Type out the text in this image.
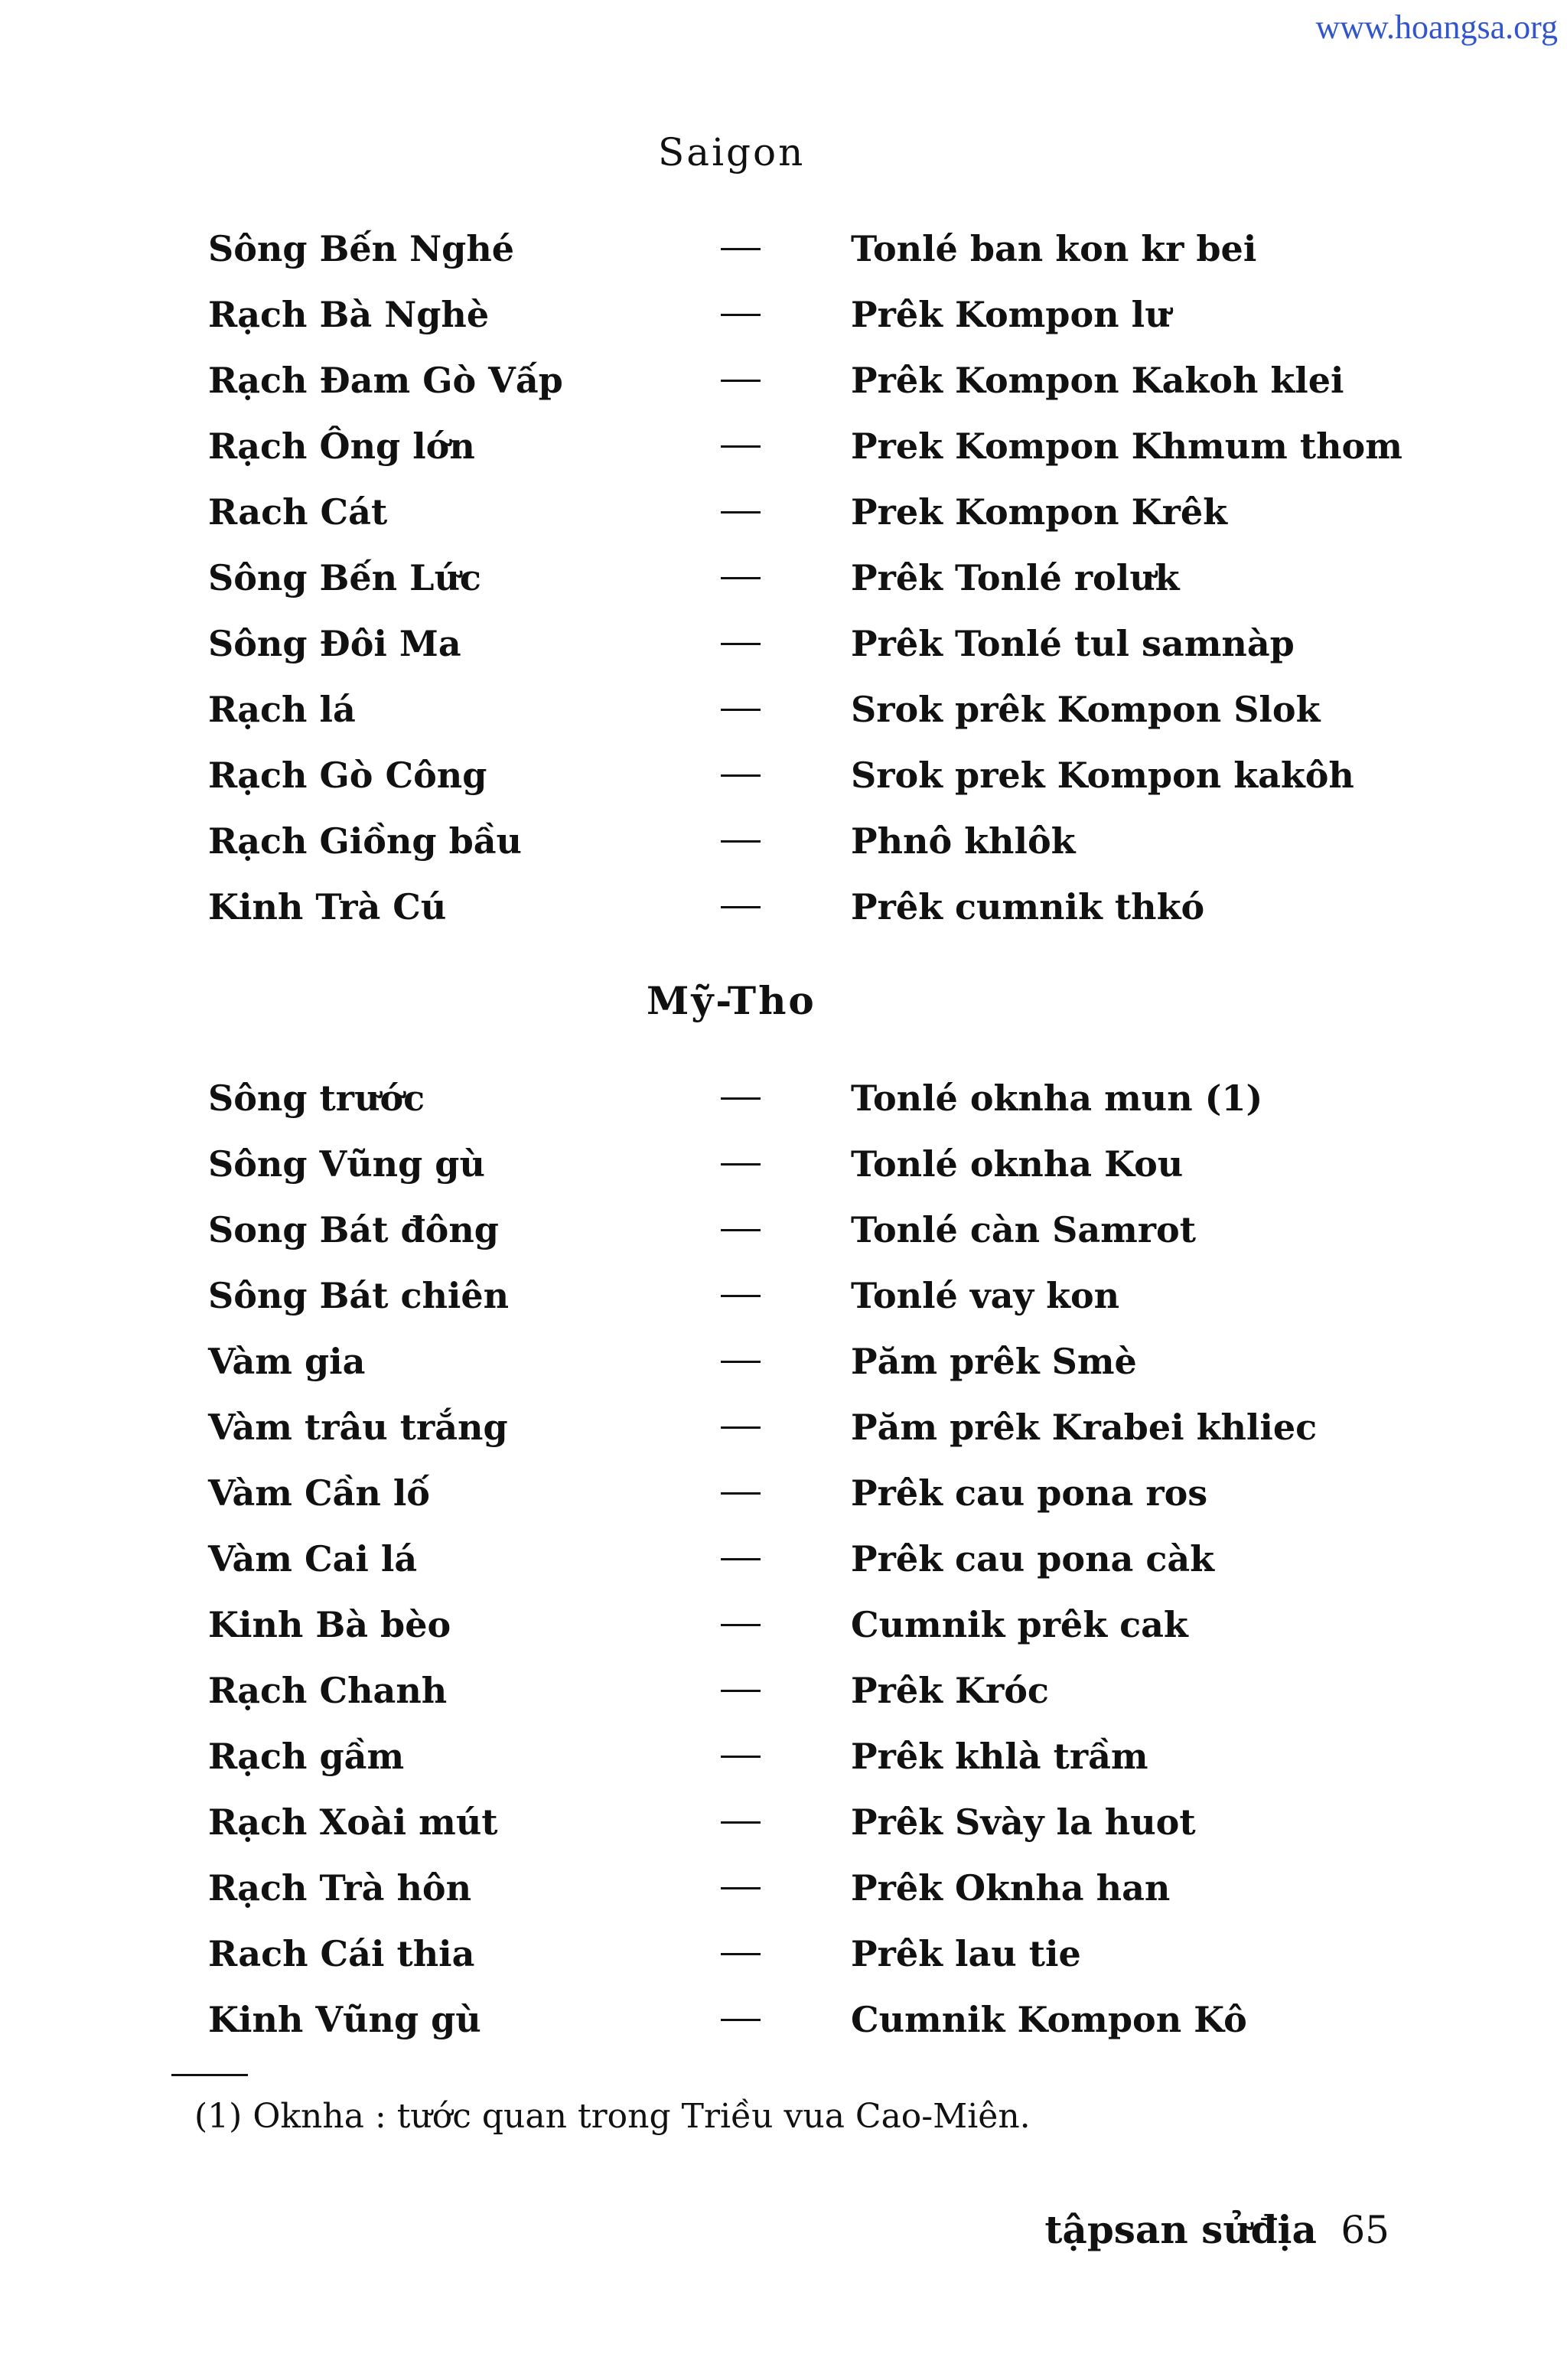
www.hoangsa.org
Saigon
Sông Bến Nghé	Tonlé ban kon kr bei
Rạch Bà Nghè	Prêk Kompon lư
Rạch Đam Gò Vấp	Prêk Kompon Kakoh klei
Rạch Ông lớn	Prek Kompon Khmum thom
Rach Cát	Prek Kompon Krêk
Sông Bến Lức	Prêk Tonlé rolưk
Sông Đôi Ma	Prêk Tonlé tul samnàp
Rạch lá	Srok prêk Kompon Slok
Rạch Gò Công	Srok prek Kompon kakôh
Rạch Giồng bầu	Phnô khlôk
Kinh Trà Cú	Prêk cumnik thkó
Mỹ-Tho
Sông trước	Tonlé oknha mun (1)
Sông Vũng gù	Tonlé oknha Kou
Song Bát đông	Tonlé càn Samrot
Sông Bát chiên	Tonlé vay kon
Vàm gia	Păm prêk Smè
Vàm trâu trắng	Păm prêk Krabei khliec
Vàm Cần lố	Prêk cau pona ros
Vàm Cai lá	Prêk cau pona càk
Kinh Bà bèo	Cumnik prêk cak
Rạch Chanh	Prêk Króc
Rạch gầm	Prêk khlà trầm
Rạch Xoài mút	Prêk Svày la huot
Rạch Trà hôn	Prêk Oknha han
Rach Cái thia	Prêk lau tie
Kinh Vũng gù	Cumnik Kompon Kô
(1) Oknha : tước quan trong Triều vua Cao-Miên.
tậpsan sửđịa 65
